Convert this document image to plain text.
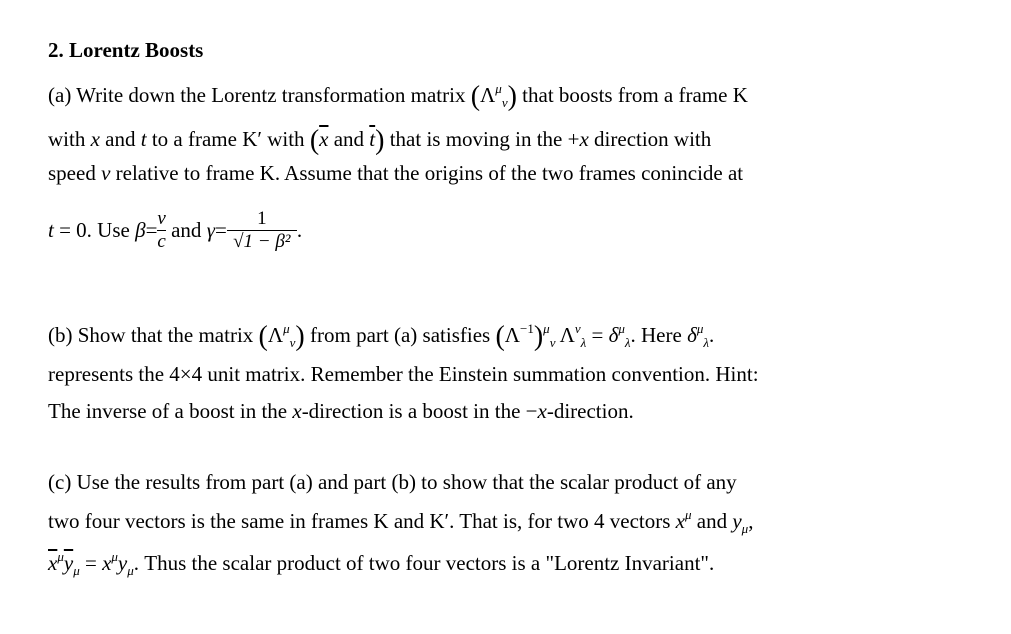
2. Lorentz Boosts
(a) Write down the Lorentz transformation matrix $(\Lambda^\mu_\nu)$ that boosts from a frame K
with x and t to a frame K′ with ($\overline{x}$ and $\overline{t}$) that is moving in the +x direction with
speed v relative to frame K. Assume that the origins of the two frames conincide at
t
= 0. Use
$\beta = \frac{v}{c}$
and
$\gamma = \frac{1}{\text{√1 − β²}}$ .
(b) Show that the matrix $(\Lambda^\mu_\nu)$ from part (a) satisfies $(\Lambda^{-1})^\mu_\nu$ $\Lambda^\nu_\lambda = \delta^\mu_\lambda$. Here $\delta^\mu_\lambda$.
represents the 4×4 unit matrix. Remember the Einstein summation convention. Hint:
The inverse of a boost in the x-direction is a boost in the −x-direction.
(c) Use the results from part (a) and part (b) to show that the scalar product of any
two four vectors is the same in frames K and K′. That is, for two 4 vectors $x^\mu$ and $y_\mu$,
$\overline{x}^\mu\overline{y}_\mu = x^\mu y_\mu$. Thus the scalar product of two four vectors is a "Lorentz Invariant".
